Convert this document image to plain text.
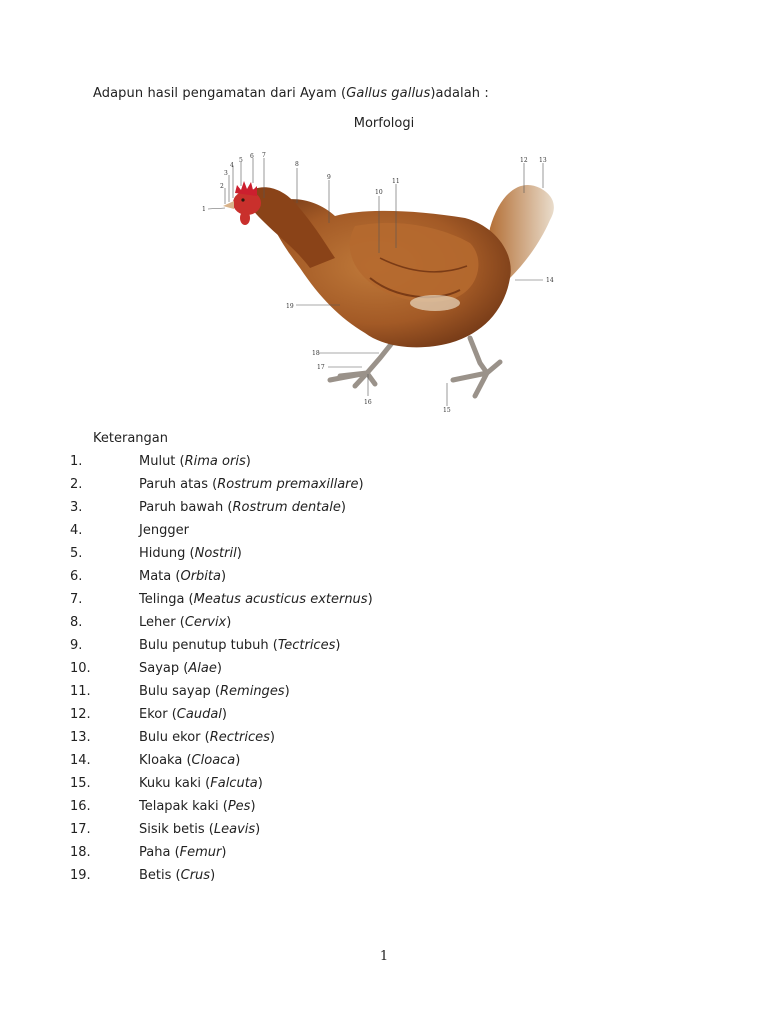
Adapun hasil pengamatan dari Ayam (Gallus gallus)adalah :
Morfologi
1
2
3
4
5
6 7
8
9
10
11
12 13
14
15
16
17
18
19
Keterangan
1.	Mulut (Rima oris)
2.	Paruh atas (Rostrum premaxillare)
3.	Paruh bawah (Rostrum dentale)
4.	Jengger
5.	Hidung (Nostril)
6.	Mata (Orbita)
7.	Telinga (Meatus acusticus externus)
8.	Leher (Cervix)
9.	Bulu penutup tubuh (Tectrices)
10.	Sayap (Alae)
11.	Bulu sayap (Reminges)
12.	Ekor (Caudal)
13.	Bulu ekor (Rectrices)
14.	Kloaka (Cloaca)
15.	Kuku kaki (Falcuta)
16.	Telapak kaki (Pes)
17.	Sisik betis (Leavis)
18.	Paha (Femur)
19.	Betis (Crus)
1
